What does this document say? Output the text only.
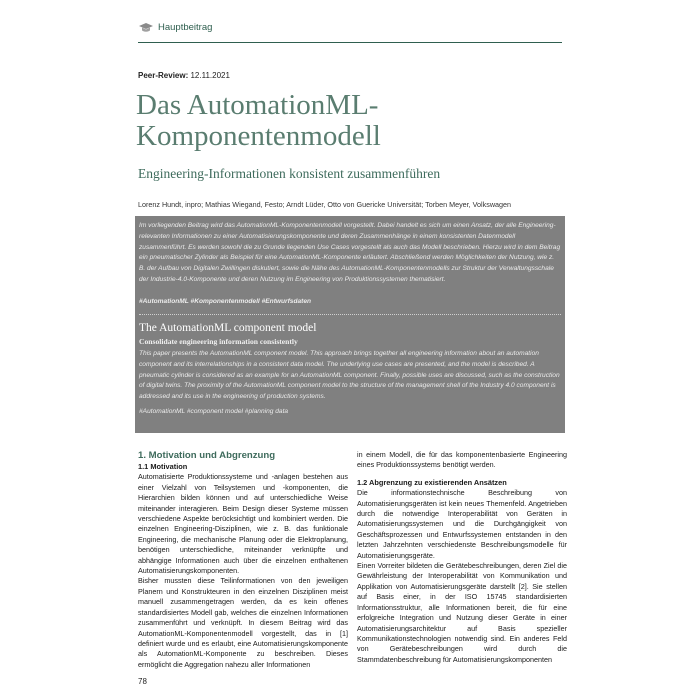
Hauptbeitrag
Peer-Review: 12.11.2021
Das AutomationML-
Komponentenmodell
Engineering-Informationen konsistent zusammenführen
Lorenz Hundt, inpro; Mathias Wiegand, Festo; Arndt Lüder, Otto von Guericke Universität; Torben Meyer, Volkswagen
Im vorliegenden Beitrag wird das AutomationML-Komponentenmodell vorgestellt. Dabei handelt es sich um einen Ansatz, der alle Engineering-relevanten Informationen zu einer Automatisierungskomponente und deren Zusammenhänge in einem konsistenten Datenmodell zusammenführt. Es werden sowohl die zu Grunde liegenden Use Cases vorgestellt als auch das Modell beschrieben. Hierzu wird in dem Beitrag ein pneumatischer Zylinder als Beispiel für eine AutomationML-Komponente erläutert. Abschließend werden Möglichkeiten der Nutzung, wie z. B. der Aufbau von Digitalen Zwillingen diskutiert, sowie die Nähe des AutomationML-Komponentenmodells zur Struktur der Verwaltungsschale der Industrie-4.0-Komponente und deren Nutzung im Engineering von Produktionssystemen thematisiert.
#AutomationML #Komponentenmodell #Entwurfsdaten
The AutomationML component model
Consolidate engineering information consistently
This paper presents the AutomationML component model. This approach brings together all engineering information about an automation component and its interrelationships in a consistent data model. The underlying use cases are presented, and the model is described. A pneumatic cylinder is considered as an example for an AutomationML component. Finally, possible uses are discussed, such as the construction of digital twins. The proximity of the AutomationML component model to the structure of the management shell of the Industry 4.0 component is addressed and its use in the engineering of production systems.
#AutomationML #component model #planning data
1. Motivation und Abgrenzung
1.1 Motivation

Automatisierte Produktionssysteme und -anlagen bestehen aus einer Vielzahl von Teilsystemen und -komponenten, die Hierarchien bilden können und auf unterschiedliche Weise miteinander interagieren. Beim Design dieser Systeme müssen verschiedene Aspekte berücksichtigt und kombiniert werden. Die einzelnen Engineering-Disziplinen, wie z. B. das funktionale Engineering, die mechanische Planung oder die Elektroplanung, benötigen unterschiedliche, miteinander verknüpfte und abhängige Informationen auch über die einzelnen enthaltenen Automatisierungskomponenten.

Bisher mussten diese Teilinformationen von den jeweiligen Planern und Konstrukteuren in den einzelnen Disziplinen meist manuell zusammengetragen werden, da es kein offenes standardisiertes Modell gab, welches die einzelnen Informationen zusammenführt und verknüpft. In diesem Beitrag wird das AutomationML-Komponentenmodell vorgestellt, das in [1] definiert wurde und es erlaubt, eine Automatisierungskomponente als AutomationML-Komponente zu beschreiben. Dieses ermöglicht die Aggregation nahezu aller Informationen

in einem Modell, die für das komponentenbasierte Engineering eines Produktionssystems benötigt werden.

1.2 Abgrenzung zu existierenden Ansätzen

Die informationstechnische Beschreibung von Automatisierungsgeräten ist kein neues Themenfeld. Angetrieben durch die notwendige Interoperabilität von Geräten in Automatisierungssystemen und die Durchgängigkeit von Geschäftsprozessen und Entwurfssystemen entstanden in den letzten Jahrzehnten verschiedenste Beschreibungsmodelle für Automatisierungsgeräte.

Einen Vorreiter bildeten die Gerätebeschreibungen, deren Ziel die Gewährleistung der Interoperabilität von Kommunikation und Applikation von Automatisierungsgeräte darstellt [2]. Sie stellen auf Basis einer, in der ISO 15745 standardisierten Informationsstruktur, alle Informationen bereit, die für eine erfolgreiche Integration und Nutzung dieser Geräte in einer Automatisierungsarchitektur auf Basis spezieller Kommunikationstechnologien notwendig sind. Ein anderes Feld von Gerätebeschreibungen wird durch die Stammdatenbeschreibung für Automatisierungskomponenten

78
